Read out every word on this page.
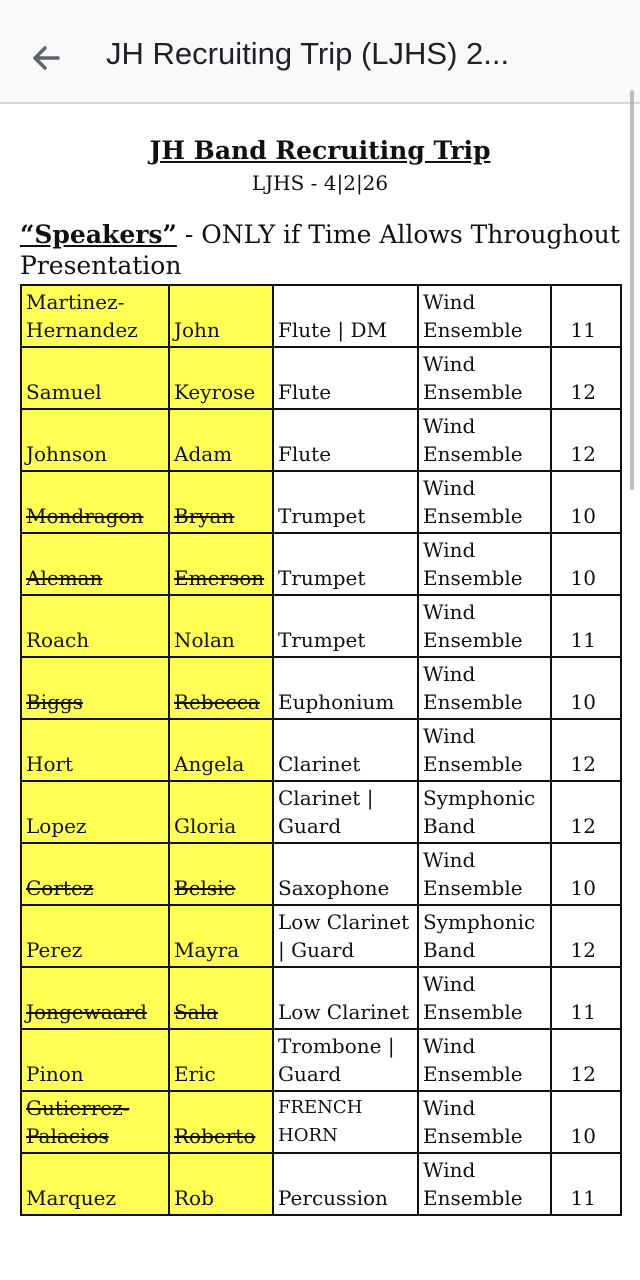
JH Recruiting Trip (LJHS) 2...
JH Band Recruiting Trip
LJHS - 4|2|26
“Speakers” - ONLY if Time Allows Throughout Presentation
Martinez-Hernandez	John	Flute | DM	Wind Ensemble	11
Samuel	Keyrose	Flute	Wind Ensemble	12
Johnson	Adam	Flute	Wind Ensemble	12
Mondragon	Bryan	Trumpet	Wind Ensemble	10
Aleman	Emerson	Trumpet	Wind Ensemble	10
Roach	Nolan	Trumpet	Wind Ensemble	11
Biggs	Rebecca	Euphonium	Wind Ensemble	10
Hort	Angela	Clarinet	Wind Ensemble	12
Lopez	Gloria	Clarinet | Guard	Symphonic Band	12
Cortez	Belsie	Saxophone	Wind Ensemble	10
Perez	Mayra	Low Clarinet | Guard	Symphonic Band	12
Jongewaard	Sala	Low Clarinet	Wind Ensemble	11
Pinon	Eric	Trombone | Guard	Wind Ensemble	12
Gutierrez-Palacios	Roberto	FRENCH HORN	Wind Ensemble	10
Marquez	Rob	Percussion	Wind Ensemble	11
